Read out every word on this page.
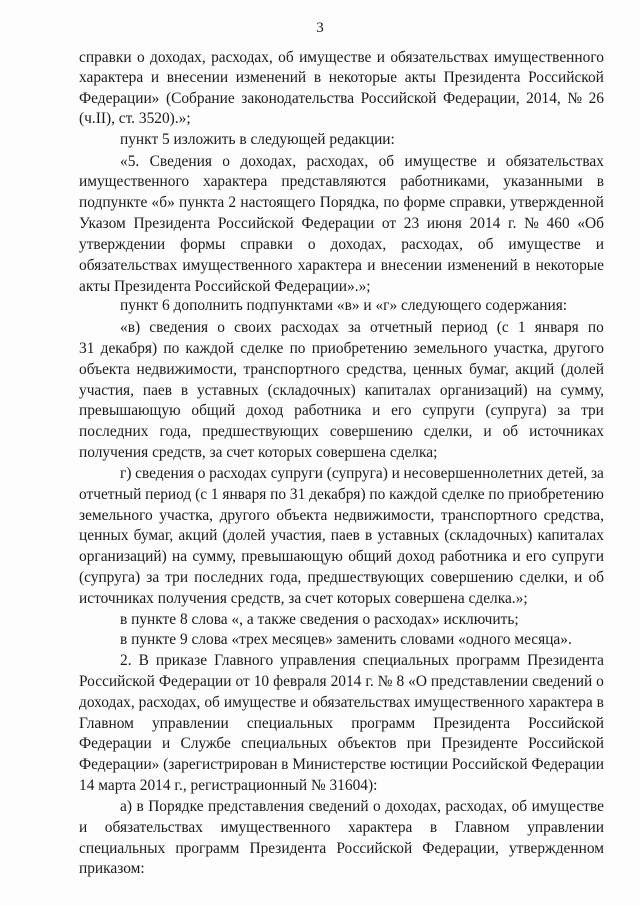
3
справки о доходах, расходах, об имуществе и обязательствах имущественного
характера и внесении изменений в некоторые акты Президента Российской
Федерации» (Собрание законодательства Российской Федерации, 2014, № 26
(ч.II), ст. 3520).»;
пункт 5 изложить в следующей редакции:
«5. Сведения о доходах, расходах, об имуществе и обязательствах
имущественного характера представляются работниками, указанными в
подпункте «б» пункта 2 настоящего Порядка, по форме справки, утвержденной
Указом Президента Российской Федерации от 23 июня 2014 г. № 460 «Об
утверждении формы справки о доходах, расходах, об имуществе и
обязательствах имущественного характера и внесении изменений в некоторые
акты Президента Российской Федерации».»;
пункт 6 дополнить подпунктами «в» и «г» следующего содержания:
«в) сведения о своих расходах за отчетный период (с 1 января по
31 декабря) по каждой сделке по приобретению земельного участка, другого
объекта недвижимости, транспортного средства, ценных бумаг, акций (долей
участия, паев в уставных (складочных) капиталах организаций) на сумму,
превышающую общий доход работника и его супруги (супруга) за три
последних года, предшествующих совершению сделки, и об источниках
получения средств, за счет которых совершена сделка;
г) сведения о расходах супруги (супруга) и несовершеннолетних детей, за
отчетный период (с 1 января по 31 декабря) по каждой сделке по приобретению
земельного участка, другого объекта недвижимости, транспортного средства,
ценных бумаг, акций (долей участия, паев в уставных (складочных) капиталах
организаций) на сумму, превышающую общий доход работника и его супруги
(супруга) за три последних года, предшествующих совершению сделки, и об
источниках получения средств, за счет которых совершена сделка.»;
в пункте 8 слова «, а также сведения о расходах» исключить;
в пункте 9 слова «трех месяцев» заменить словами «одного месяца».
2. В приказе Главного управления специальных программ Президента
Российской Федерации от 10 февраля 2014 г. № 8 «О представлении сведений о
доходах, расходах, об имуществе и обязательствах имущественного характера в
Главном управлении специальных программ Президента Российской
Федерации и Службе специальных объектов при Президенте Российской
Федерации» (зарегистрирован в Министерстве юстиции Российской Федерации
14 марта 2014 г., регистрационный № 31604):
а) в Порядке представления сведений о доходах, расходах, об имуществе
и обязательствах имущественного характера в Главном управлении
специальных программ Президента Российской Федерации, утвержденном
приказом:
